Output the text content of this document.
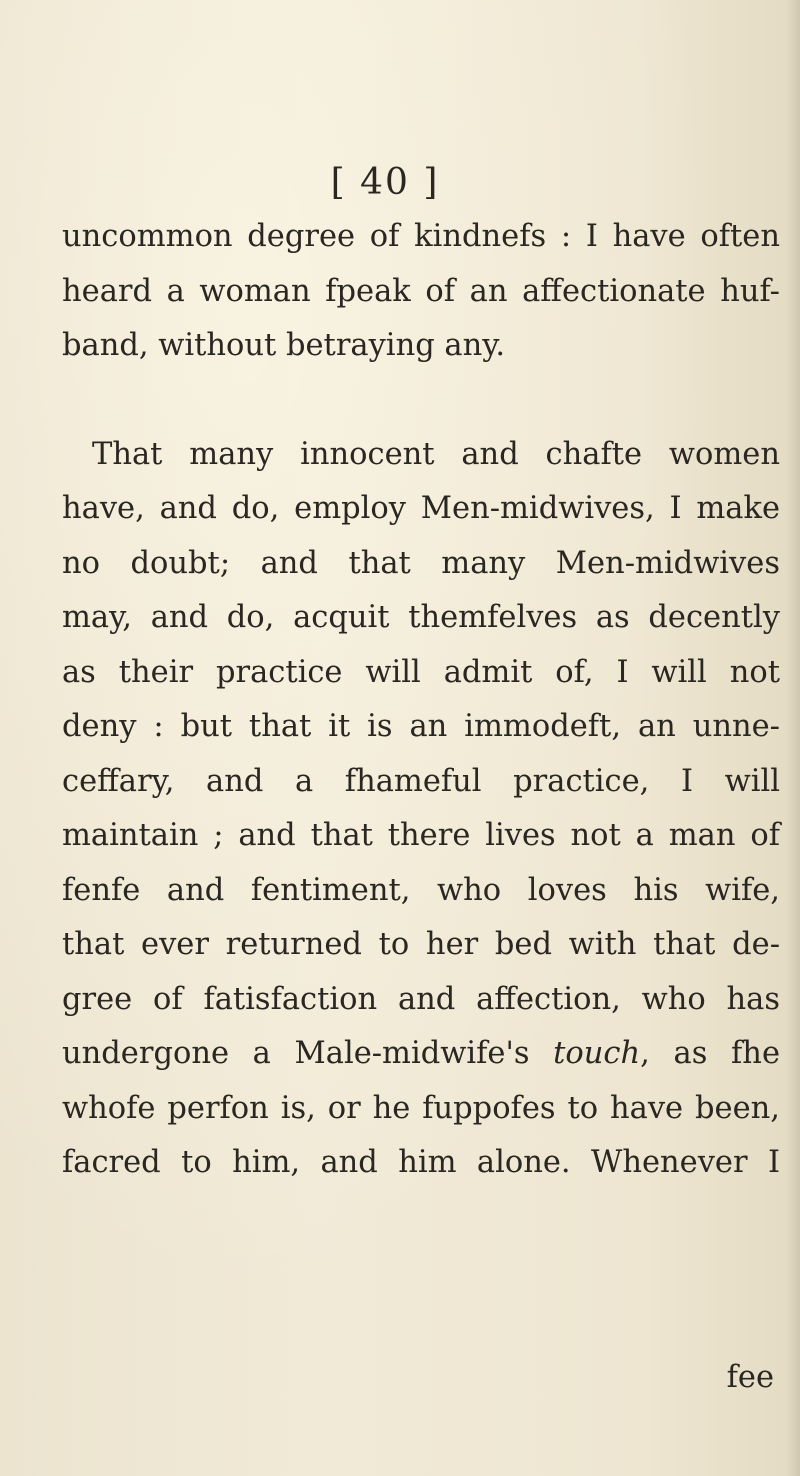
[ 40 ]
uncommon degree of kindnefs : I have often
heard a woman fpeak of an affectionate huf-
band, without betraying any.
That many innocent and chafte women
have, and do, employ Men-midwives, I make
no doubt; and that many Men-midwives
may, and do, acquit themfelves as decently
as their practice will admit of, I will not
deny : but that it is an immodeft, an unne-
ceffary, and a fhameful practice, I will
maintain ; and that there lives not a man of
fenfe and fentiment, who loves his wife,
that ever returned to her bed with that de-
gree of fatisfaction and affection, who has
undergone a Male-midwife's touch, as fhe
whofe perfon is, or he fuppofes to have been,
facred to him, and him alone. Whenever I
fee
